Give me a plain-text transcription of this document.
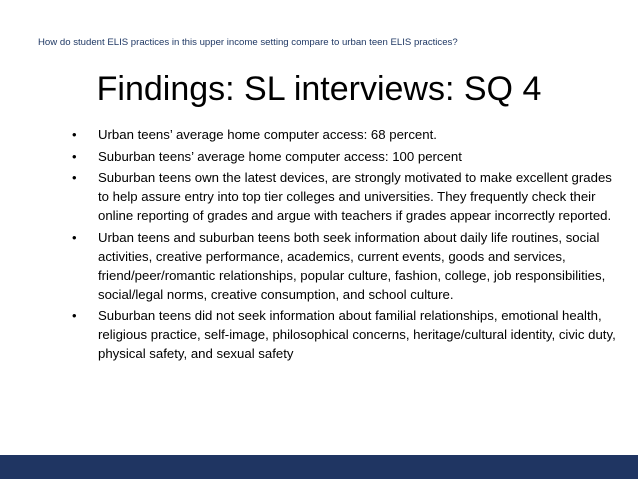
How do student ELIS practices in this upper income setting compare to urban teen ELIS practices?
Findings: SL interviews: SQ 4
• Urban teens’ average home computer access: 68 percent.
• Suburban teens’ average home computer access: 100 percent
• Suburban teens own the latest devices, are strongly motivated to make excellent grades to help assure entry into top tier colleges and universities. They frequently check their online reporting of grades and argue with teachers if grades appear incorrectly reported.
• Urban teens and suburban teens both seek information about daily life routines, social activities, creative performance, academics, current events, goods and services, friend/peer/romantic relationships, popular culture, fashion, college, job responsibilities, social/legal norms, creative consumption, and school culture.
• Suburban teens did not seek information about familial relationships, emotional health, religious practice, self-image, philosophical concerns, heritage/cultural identity, civic duty, physical safety, and sexual safety
